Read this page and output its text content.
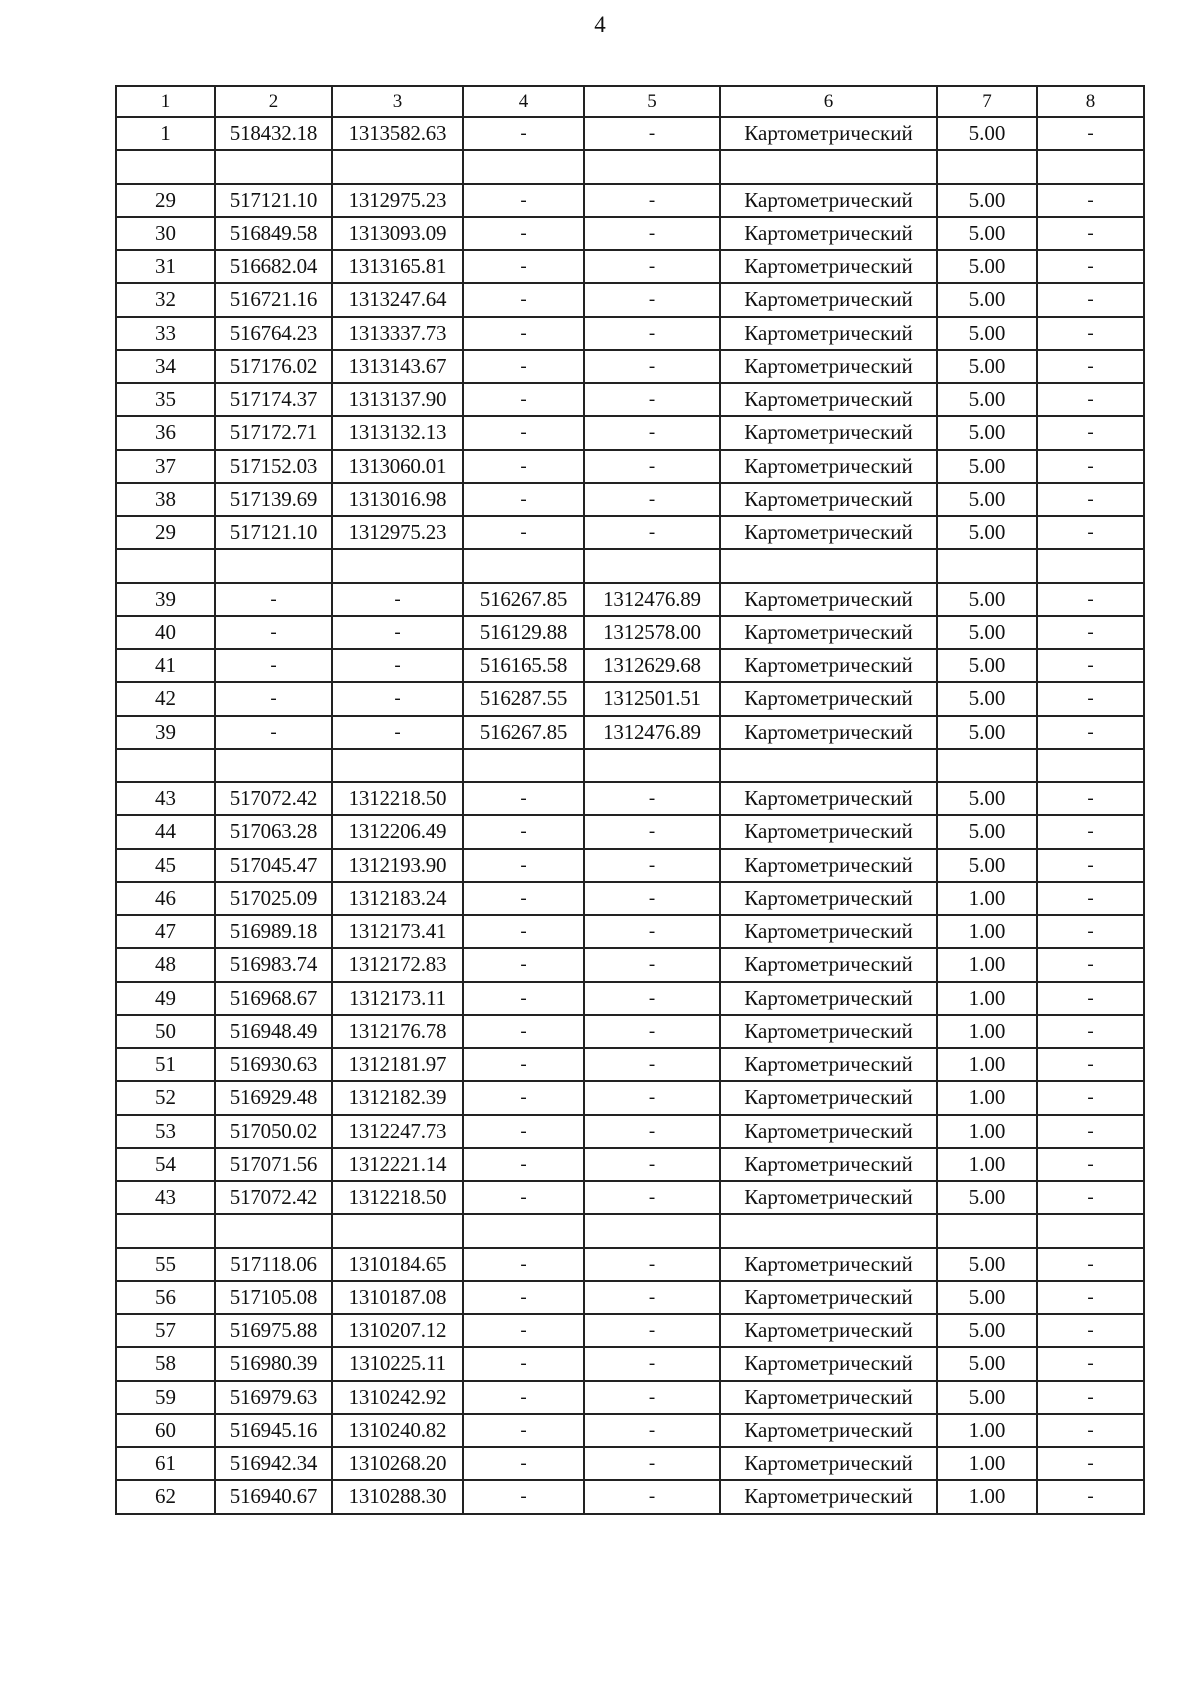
4
1	2	3	4	5	6	7	8
1	518432.18	1313582.63	-	-	Картометрический	5.00	-

29	517121.10	1312975.23	-	-	Картометрический	5.00	-
30	516849.58	1313093.09	-	-	Картометрический	5.00	-
31	516682.04	1313165.81	-	-	Картометрический	5.00	-
32	516721.16	1313247.64	-	-	Картометрический	5.00	-
33	516764.23	1313337.73	-	-	Картометрический	5.00	-
34	517176.02	1313143.67	-	-	Картометрический	5.00	-
35	517174.37	1313137.90	-	-	Картометрический	5.00	-
36	517172.71	1313132.13	-	-	Картометрический	5.00	-
37	517152.03	1313060.01	-	-	Картометрический	5.00	-
38	517139.69	1313016.98	-	-	Картометрический	5.00	-
29	517121.10	1312975.23	-	-	Картометрический	5.00	-

39	-	-	516267.85	1312476.89	Картометрический	5.00	-
40	-	-	516129.88	1312578.00	Картометрический	5.00	-
41	-	-	516165.58	1312629.68	Картометрический	5.00	-
42	-	-	516287.55	1312501.51	Картометрический	5.00	-
39	-	-	516267.85	1312476.89	Картометрический	5.00	-

43	517072.42	1312218.50	-	-	Картометрический	5.00	-
44	517063.28	1312206.49	-	-	Картометрический	5.00	-
45	517045.47	1312193.90	-	-	Картометрический	5.00	-
46	517025.09	1312183.24	-	-	Картометрический	1.00	-
47	516989.18	1312173.41	-	-	Картометрический	1.00	-
48	516983.74	1312172.83	-	-	Картометрический	1.00	-
49	516968.67	1312173.11	-	-	Картометрический	1.00	-
50	516948.49	1312176.78	-	-	Картометрический	1.00	-
51	516930.63	1312181.97	-	-	Картометрический	1.00	-
52	516929.48	1312182.39	-	-	Картометрический	1.00	-
53	517050.02	1312247.73	-	-	Картометрический	1.00	-
54	517071.56	1312221.14	-	-	Картометрический	1.00	-
43	517072.42	1312218.50	-	-	Картометрический	5.00	-

55	517118.06	1310184.65	-	-	Картометрический	5.00	-
56	517105.08	1310187.08	-	-	Картометрический	5.00	-
57	516975.88	1310207.12	-	-	Картометрический	5.00	-
58	516980.39	1310225.11	-	-	Картометрический	5.00	-
59	516979.63	1310242.92	-	-	Картометрический	5.00	-
60	516945.16	1310240.82	-	-	Картометрический	1.00	-
61	516942.34	1310268.20	-	-	Картометрический	1.00	-
62	516940.67	1310288.30	-	-	Картометрический	1.00	-
